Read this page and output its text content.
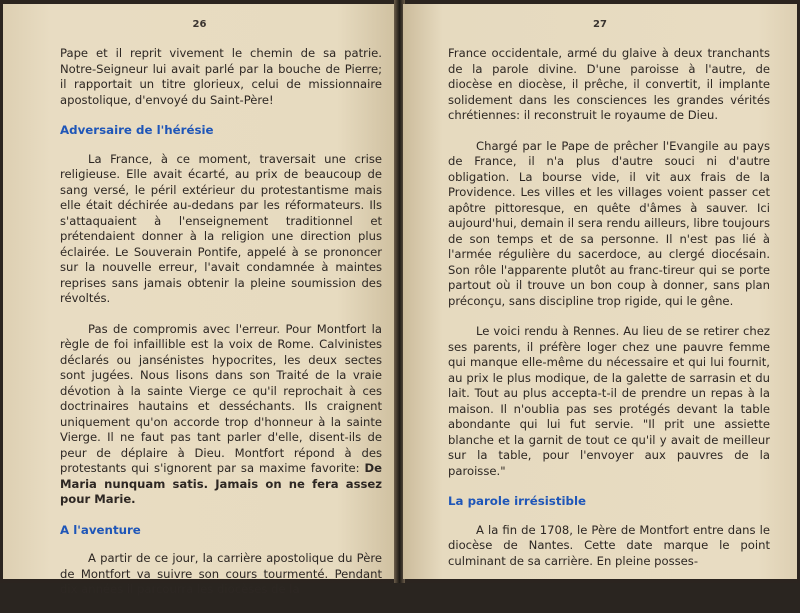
26

Pape et il reprit vivement le chemin de sa patrie. Notre-Seigneur lui avait parlé par la bouche de Pierre; il rapportait un titre glorieux, celui de missionnaire apostolique, d'envoyé du Saint-Père!

Adversaire de l'hérésie

La France, à ce moment, traversait une crise religieuse. Elle avait écarté, au prix de beaucoup de sang versé, le péril extérieur du protestantisme mais elle était déchirée au-dedans par les réformateurs. Ils s'attaquaient à l'enseignement traditionnel et prétendaient donner à la religion une direction plus éclairée. Le Souverain Pontife, appelé à se prononcer sur la nouvelle erreur, l'avait condamnée à maintes reprises sans jamais obtenir la pleine soumission des révoltés.

Pas de compromis avec l'erreur. Pour Montfort la règle de foi infaillible est la voix de Rome. Calvinistes déclarés ou jansénistes hypocrites, les deux sectes sont jugées. Nous lisons dans son Traité de la vraie dévotion à la sainte Vierge ce qu'il reprochait à ces doctrinaires hautains et desséchants. Ils craignent uniquement qu'on accorde trop d'honneur à la sainte Vierge. Il ne faut pas tant parler d'elle, disent-ils de peur de déplaire à Dieu. Montfort répond à des protestants qui s'ignorent par sa maxime favorite: De Maria nunquam satis. Jamais on ne fera assez pour Marie.

A l'aventure

A partir de ce jour, la carrière apostolique du Père de Montfort va suivre son cours tourmenté. Pendant dix années il parcourra les diocèses de la

27

France occidentale, armé du glaive à deux tranchants de la parole divine. D'une paroisse à l'autre, de diocèse en diocèse, il prêche, il convertit, il implante solidement dans les consciences les grandes vérités chrétiennes: il reconstruit le royaume de Dieu.

Chargé par le Pape de prêcher l'Evangile au pays de France, il n'a plus d'autre souci ni d'autre obligation. La bourse vide, il vit aux frais de la Providence. Les villes et les villages voient passer cet apôtre pittoresque, en quête d'âmes à sauver. Ici aujourd'hui, demain il sera rendu ailleurs, libre toujours de son temps et de sa personne. Il n'est pas lié à l'armée régulière du sacerdoce, au clergé diocésain. Son rôle l'apparente plutôt au franc-tireur qui se porte partout où il trouve un bon coup à donner, sans plan préconçu, sans discipline trop rigide, qui le gêne.

Le voici rendu à Rennes. Au lieu de se retirer chez ses parents, il préfère loger chez une pauvre femme qui manque elle-même du nécessaire et qui lui fournit, au prix le plus modique, de la galette de sarrasin et du lait. Tout au plus accepta-t-il de prendre un repas à la maison. Il n'oublia pas ses protégés devant la table abondante qui lui fut servie. "Il prit une assiette blanche et la garnit de tout ce qu'il y avait de meilleur sur la table, pour l'envoyer aux pauvres de la paroisse."

La parole irrésistible

A la fin de 1708, le Père de Montfort entre dans le diocèse de Nantes. Cette date marque le point culminant de sa carrière. En pleine posses-
